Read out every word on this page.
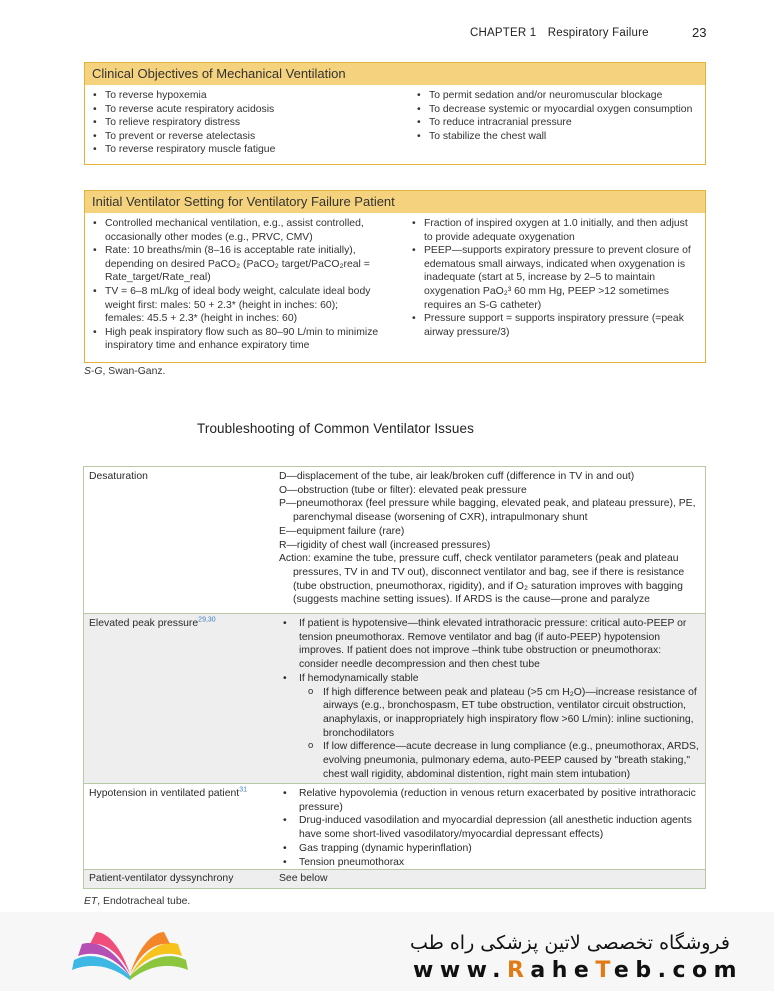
CHAPTER 1 Respiratory Failure	23
Clinical Objectives of Mechanical Ventilation
• To reverse hypoxemia
• To reverse acute respiratory acidosis
• To relieve respiratory distress
• To prevent or reverse atelectasis
• To reverse respiratory muscle fatigue
• To permit sedation and/or neuromuscular blockage
• To decrease systemic or myocardial oxygen consumption
• To reduce intracranial pressure
• To stabilize the chest wall
Initial Ventilator Setting for Ventilatory Failure Patient
• Controlled mechanical ventilation, e.g., assist controlled, occasionally other modes (e.g., PRVC, CMV)
• Rate: 10 breaths/min (8–16 is acceptable rate initially), depending on desired PaCO₂ (PaCO₂ target/PaCO₂real = Rate_target/Rate_real)
• TV = 6–8 mL/kg of ideal body weight, calculate ideal body weight first: males: 50 + 2.3* (height in inches: 60); females: 45.5 + 2.3* (height in inches: 60)
• High peak inspiratory flow such as 80–90 L/min to minimize inspiratory time and enhance expiratory time
• Fraction of inspired oxygen at 1.0 initially, and then adjust to provide adequate oxygenation
• PEEP—supports expiratory pressure to prevent closure of edematous small airways, indicated when oxygenation is inadequate (start at 5, increase by 2–5 to maintain oxygenation PaO₂³ 60 mm Hg, PEEP >12 sometimes requires an S-G catheter)
• Pressure support = supports inspiratory pressure (=peak airway pressure/3)
S-G, Swan-Ganz.
Troubleshooting of Common Ventilator Issues
Desaturation	D—displacement of the tube, air leak/broken cuff (difference in TV in and out)
O—obstruction (tube or filter): elevated peak pressure
P—pneumothorax (feel pressure while bagging, elevated peak, and plateau pressure), PE, parenchymal disease (worsening of CXR), intrapulmonary shunt
E—equipment failure (rare)
R—rigidity of chest wall (increased pressures)
Action: examine the tube, pressure cuff, check ventilator parameters (peak and plateau pressures, TV in and TV out), disconnect ventilator and bag, see if there is resistance (tube obstruction, pneumothorax, rigidity), and if O₂ saturation improves with bagging (suggests machine setting issues). If ARDS is the cause—prone and paralyze
Elevated peak pressure$^{29,30}$	• If patient is hypotensive—think elevated intrathoracic pressure: critical auto-PEEP or tension pneumothorax. Remove ventilator and bag (if auto-PEEP) hypotension improves. If patient does not improve –think tube obstruction or pneumothorax: consider needle decompression and then chest tube
• If hemodynamically stable
o If high difference between peak and plateau (>5 cm H₂O)—increase resistance of airways (e.g., bronchospasm, ET tube obstruction, ventilator circuit obstruction, anaphylaxis, or inappropriately high inspiratory flow >60 L/min): inline suctioning, bronchodilators
o If low difference—acute decrease in lung compliance (e.g., pneumothorax, ARDS, evolving pneumonia, pulmonary edema, auto-PEEP caused by "breath staking," chest wall rigidity, abdominal distention, right main stem intubation)
Hypotension in ventilated patient$^{31}$	• Relative hypovolemia (reduction in venous return exacerbated by positive intrathoracic pressure)
• Drug-induced vasodilation and myocardial depression (all anesthetic induction agents have some short-lived vasodilatory/myocardial depressant effects)
• Gas trapping (dynamic hyperinflation)
• Tension pneumothorax
Patient-ventilator dyssynchrony	See below
ET, Endotracheal tube.
فروشگاه تخصصی لاتین پزشکی راه طب
www.RaheTeb.com
